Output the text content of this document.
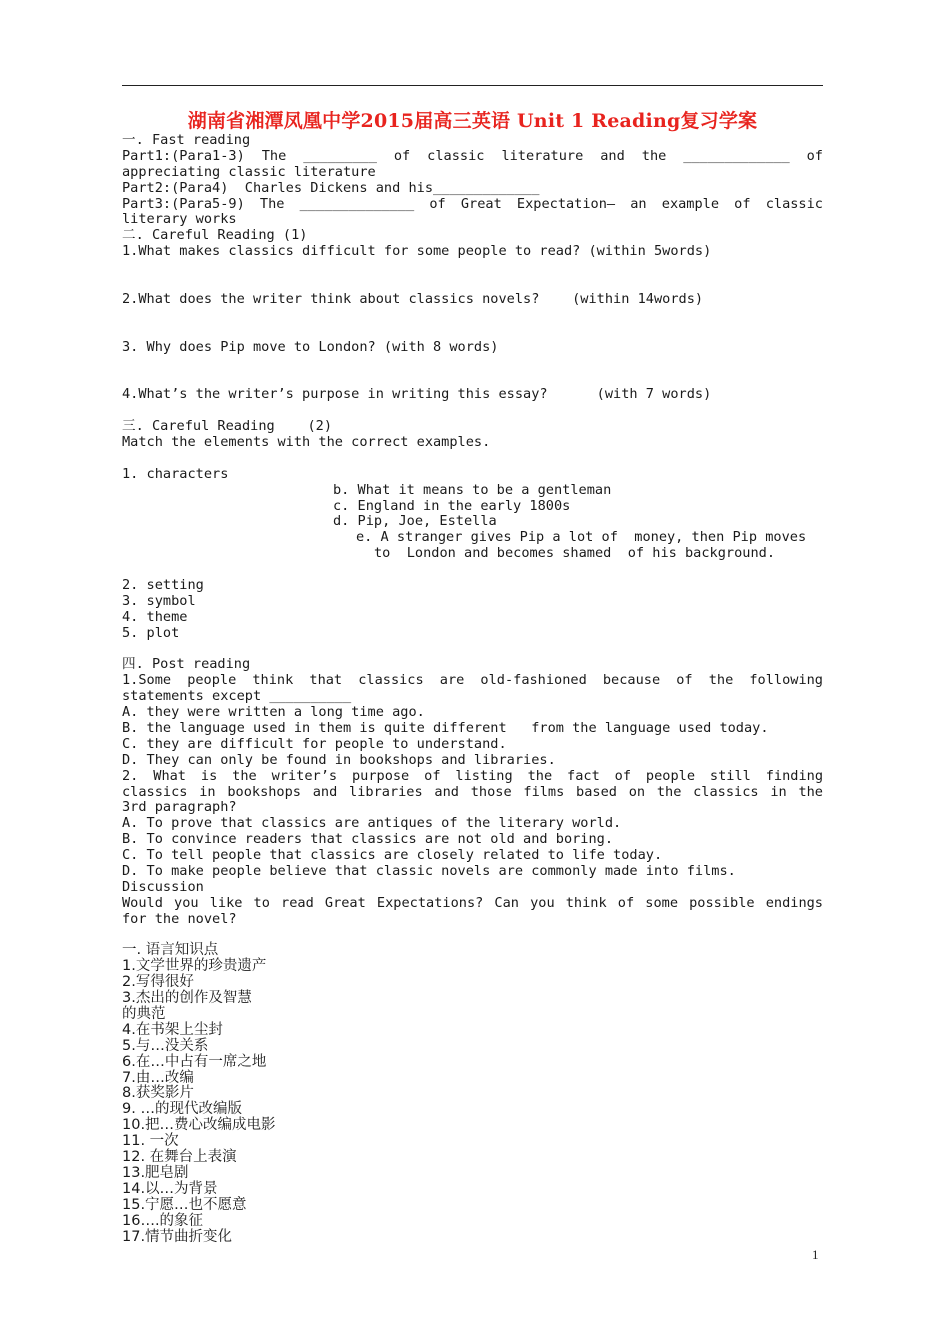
湖南省湘潭凤凰中学2015届高三英语 Unit 1 Reading复习学案
一. Fast reading
Part1:(Para1-3) The _________ of classic literature and the _____________ of
appreciating classic literature
Part2:(Para4)  Charles Dickens and his_____________
Part3:(Para5-9) The ______________ of Great Expectation— an example of classic
literary works
二. Careful Reading (1)
1.What makes classics difficult for some people to read? (within 5words)
2.What does the writer think about classics novels?    (within 14words)
3. Why does Pip move to London? (with 8 words)
4.What’s the writer’s purpose in writing this essay?      (with 7 words)
三. Careful Reading    (2)
Match the elements with the correct examples.
1. characters
b. What it means to be a gentleman
c. England in the early 1800s
d. Pip, Joe, Estella
e. A stranger gives Pip a lot of  money, then Pip moves
to  London and becomes shamed  of his background.
2. setting
3. symbol
4. theme
5. plot
四. Post reading
1.Some people think that classics are old-fashioned because of the following
statements except __________
A. they were written a long time ago.
B. the language used in them is quite different   from the language used today.
C. they are difficult for people to understand.
D. They can only be found in bookshops and libraries.
2. What is the writer’s purpose of listing the fact of people still finding
classics in bookshops and libraries and those films based on the classics in the
3rd paragraph?
A. To prove that classics are antiques of the literary world.
B. To convince readers that classics are not old and boring.
C. To tell people that classics are closely related to life today.
D. To make people believe that classic novels are commonly made into films.
Discussion
Would you like to read Great Expectations? Can you think of some possible endings
for the novel?
一. 语言知识点
1.文学世界的珍贵遗产
2.写得很好
3.杰出的创作及智慧
的典范
4.在书架上尘封
5.与…没关系
6.在…中占有一席之地
7.由…改编
8.获奖影片
9. …的现代改编版
10.把…费心改编成电影
11. 一次
12. 在舞台上表演
13.肥皂剧
14.以…为背景
15.宁愿…也不愿意
16….的象征
17.情节曲折变化
1
